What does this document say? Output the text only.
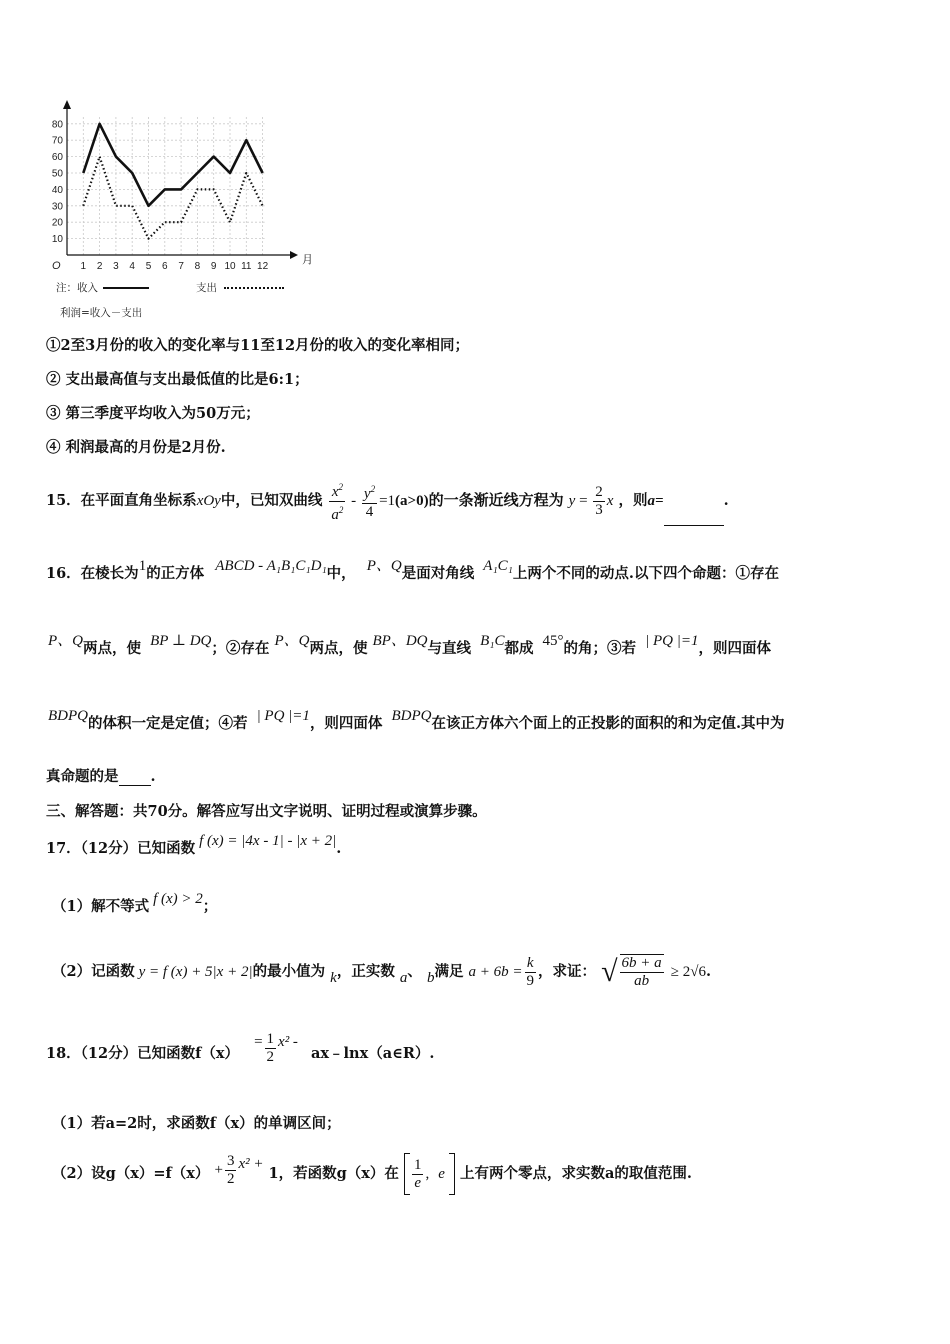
10
20
30
40
50
60
70
80
1 2 3 4 5 6 7 8 9 10 11 12
O	月
注：收入	支出
利润=收入－支出
①2至3月份的收入的变化率与11至12月份的收入的变化率相同；
② 支出最高值与支出最低值的比是6:1；
③ 第三季度平均收入为50万元；
④ 利润最高的月份是2月份.
15．在平面直角坐标系xOy中，已知双曲线 $\frac{x^2}{a^2} - \frac{y^2}{4} =1(a>0)$的一条渐近线方程为 $y = \frac{2}{3}$ x ，则a=	.
16．在棱长为1的正方体 ABCD - A₁B₁C₁D₁中， P、Q是面对角线 A₁C₁上两个不同的动点.以下四个命题：①存在
P、Q两点，使 BP ⊥ DQ；②存在 P、Q两点，使 BP、DQ与直线 B₁C都成 45°的角；③若 | PQ |=1，则四面体
BDPQ的体积一定是定值；④若 | PQ |=1，则四面体 BDPQ在该正方体六个面上的正投影的面积的和为定值.其中为
真命题的是 .
三、解答题：共70分。解答应写出文字说明、证明过程或演算步骤。
17．（12分）已知函数 f (x) = |4x - 1| - |x + 2|.
（1）解不等式 f (x) > 2；
（2）记函数 y = f (x) + 5|x + 2|的最小值为 k，正实数 a、 b满足 $a + 6b = \frac{k}{9}$ ，求证： √ $\frac{6b + a}{ab} \ge 2√6$.
18．（12分）已知函数$f(x) = \frac{1}{2} x^2$ - ax﹣lnx（a∈R）.
（1）若a=2时，求函数f（x）的单调区间；
（2）设$g(x)=f(x) + \frac{3}{2} x^2 + 1$，若函数g（x）在 $\frac{1}{e}$ , e 上有两个零点，求实数a的取值范围.
